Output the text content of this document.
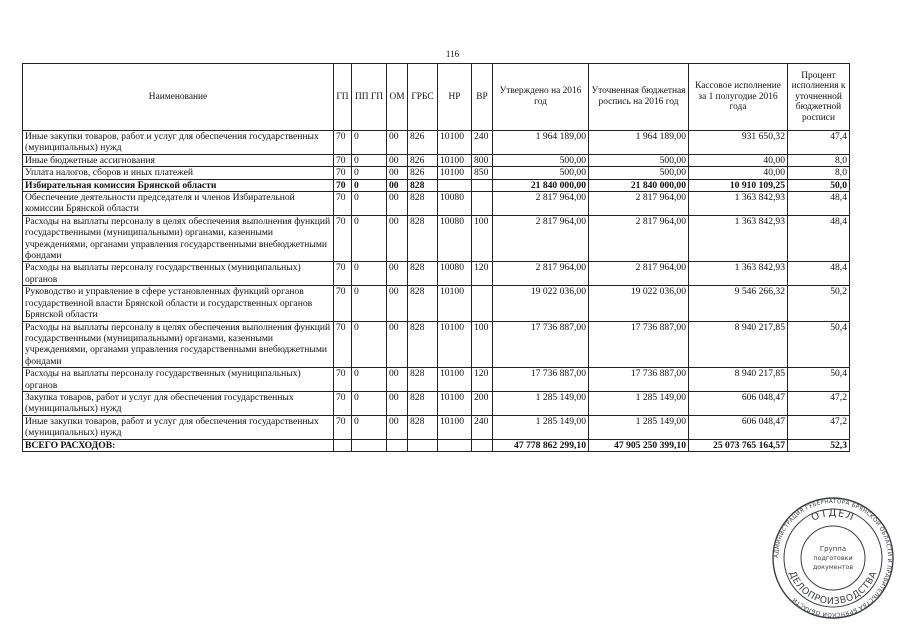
116
Наименование	ГП	ПП ГП	ОМ	ГРБС	НР	ВР	Утверждено на 2016 год	Уточненная бюджетная роспись на 2016 год	Кассовое исполнение за 1 полугодие 2016 года	Процент исполнения к уточненной бюджетной росписи
Иные закупки товаров, работ и услуг для обеспечения государственных (муниципальных) нужд	70	0	00	826	10100	240	1 964 189,00	1 964 189,00	931 650,32	47,4
Иные бюджетные ассигнования	70	0	00	826	10100	800	500,00	500,00	40,00	8,0
Уплата налогов, сборов и иных платежей	70	0	00	826	10100	850	500,00	500,00	40,00	8,0
Избирательная комиссия Брянской области	70	0	00	828			21 840 000,00	21 840 000,00	10 910 109,25	50,0
Обеспечение деятельности председателя и членов Избирательной комиссии Брянской области	70	0	00	828	10080		2 817 964,00	2 817 964,00	1 363 842,93	48,4
Расходы на выплаты персоналу в целях обеспечения выполнения функций государственными (муниципальными) органами, казенными учреждениями, органами управления государственными внебюджетными фондами	70	0	00	828	10080	100	2 817 964,00	2 817 964,00	1 363 842,93	48,4
Расходы на выплаты персоналу государственных (муниципальных) органов	70	0	00	828	10080	120	2 817 964,00	2 817 964,00	1 363 842,93	48,4
Руководство и управление в сфере установленных функций органов государственной власти Брянской области и государственных органов Брянской области	70	0	00	828	10100		19 022 036,00	19 022 036,00	9 546 266,32	50,2
Расходы на выплаты персоналу в целях обеспечения выполнения функций государственными (муниципальными) органами, казенными учреждениями, органами управления государственными внебюджетными фондами	70	0	00	828	10100	100	17 736 887,00	17 736 887,00	8 940 217,85	50,4
Расходы на выплаты персоналу государственных (муниципальных) органов	70	0	00	828	10100	120	17 736 887,00	17 736 887,00	8 940 217,85	50,4
Закупка товаров, работ и услуг для обеспечения государственных (муниципальных) нужд	70	0	00	828	10100	200	1 285 149,00	1 285 149,00	606 048,47	47,2
Иные закупки товаров, работ и услуг для обеспечения государственных (муниципальных) нужд	70	0	00	828	10100	240	1 285 149,00	1 285 149,00	606 048,47	47,2
ВСЕГО РАСХОДОВ:							47 778 862 299,10	47 905 250 399,10	25 073 765 164,57	52,3
АДМИНИСТРАЦИЯ ГУБЕРНАТОРА БРЯНСКОЙ ОБЛАСТИ И ПРАВИТЕЛЬСТВА БРЯНСКОЙ ОБЛАСТИ
ОТДЕЛ
ДЕЛОПРОИЗВОДСТВА
Группа
подготовки
документов
